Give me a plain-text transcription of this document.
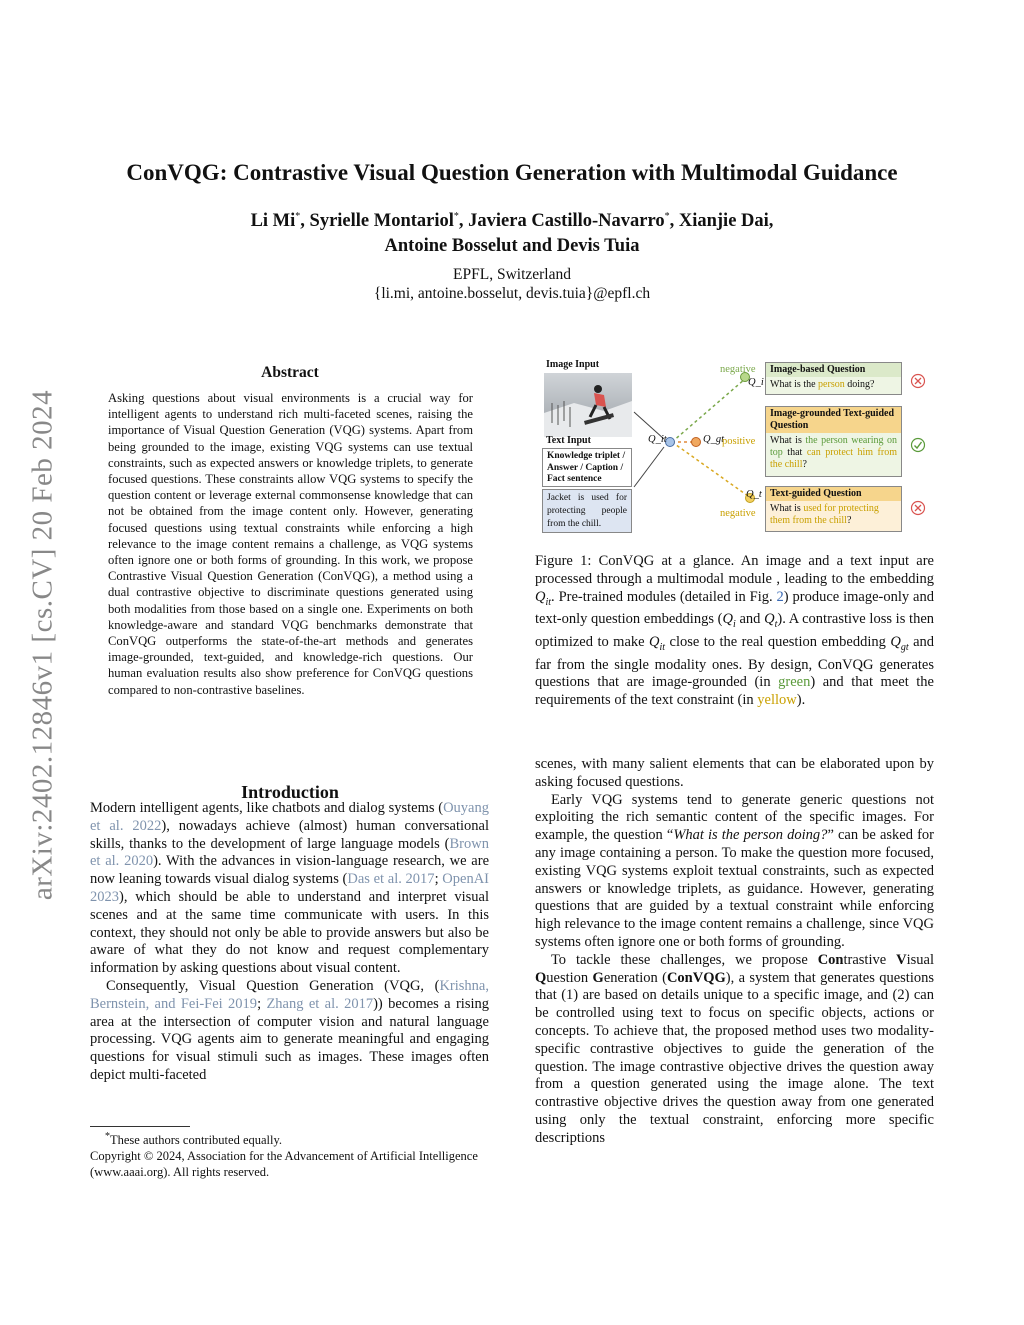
arXiv:2402.12846v1 [cs.CV] 20 Feb 2024
ConVQG: Contrastive Visual Question Generation with Multimodal Guidance
Li Mi*, Syrielle Montariol*, Javiera Castillo-Navarro*, Xianjie Dai,
Antoine Bosselut and Devis Tuia
EPFL, Switzerland
{li.mi, antoine.bosselut, devis.tuia}@epfl.ch
Abstract
Asking questions about visual environments is a crucial way for intelligent agents to understand rich multi-faceted scenes, raising the importance of Visual Question Generation (VQG) systems. Apart from being grounded to the image, existing VQG systems can use textual constraints, such as expected answers or knowledge triplets, to generate focused questions. These constraints allow VQG systems to specify the question content or leverage external commonsense knowledge that can not be obtained from the image content only. However, generating focused questions using textual constraints while enforcing a high relevance to the image content remains a challenge, as VQG systems often ignore one or both forms of grounding. In this work, we propose Contrastive Visual Question Generation (ConVQG), a method using a dual contrastive objective to discriminate questions generated using both modalities from those based on a single one. Experiments on both knowledge-aware and standard VQG benchmarks demonstrate that ConVQG outperforms the state-of-the-art methods and generates image-grounded, text-guided, and knowledge-rich questions. Our human evaluation results also show preference for ConVQG questions compared to non-contrastive baselines.
Introduction

Modern intelligent agents, like chatbots and dialog systems (Ouyang et al. 2022), nowadays achieve (almost) human conversational skills, thanks to the development of large language models (Brown et al. 2020). With the advances in vision-language research, we are now leaning towards visual dialog systems (Das et al. 2017; OpenAI 2023), which should be able to understand and interpret visual scenes and at the same time communicate with users. In this context, they should not only be able to provide answers but also be aware of what they do not know and request complementary information by asking questions about visual content.

Consequently, Visual Question Generation (VQG, (Krishna, Bernstein, and Fei-Fei 2019; Zhang et al. 2017)) becomes a rising area at the intersection of computer vision and natural language processing. VQG agents aim to generate meaningful and engaging questions for visual stimuli such as images. These images often depict multi-faceted

*These authors contributed equally.
Copyright © 2024, Association for the Advancement of Artificial Intelligence (www.aaai.org). All rights reserved.
Image Input
Text Input
Knowledge triplet / Answer / Caption / Fact sentence
Jacket is used for protecting people from the chill.
Q_it	Q_gt
positive
negative
Q_i
Q_t
negative
Image-based Question
What is the person doing?
Image-grounded Text-guided Question
What is the person wearing on top that can protect him from the chill?
Text-guided Question
What is used for protecting them from the chill?
Figure 1: ConVQG at a glance. An image and a text input are processed through a multimodal module , leading to the embedding $Q_{it}$. Pre-trained modules (detailed in Fig. 2) produce image-only and text-only question embeddings ($Q_i$ and $Q_t$). A contrastive loss is then optimized to make $Q_{it}$ close to the real question embedding $Q_{gt}$ and far from the single modality ones. By design, ConVQG generates questions that are image-grounded (in green) and that meet the requirements of the text constraint (in yellow).

scenes, with many salient elements that can be elaborated upon by asking focused questions.

Early VQG systems tend to generate generic questions not exploiting the rich semantic content of the specific images. For example, the question “What is the person doing?” can be asked for any image containing a person. To make the question more focused, existing VQG systems exploit textual constraints, such as expected answers or knowledge triplets, as guidance. However, generating questions that are guided by a textual constraint while enforcing high relevance to the image content remains a challenge, since VQG systems often ignore one or both forms of grounding.

To tackle these challenges, we propose Contrastive Visual Question Generation (ConVQG), a system that generates questions that (1) are based on details unique to a specific image, and (2) can be controlled using text to focus on specific objects, actions or concepts. To achieve that, the proposed method uses two modality-specific contrastive objectives to guide the generation of the question. The image contrastive objective drives the question away from a question generated using the image alone. The text contrastive objective drives the question away from one generated using only the textual constraint, enforcing more specific descriptions
